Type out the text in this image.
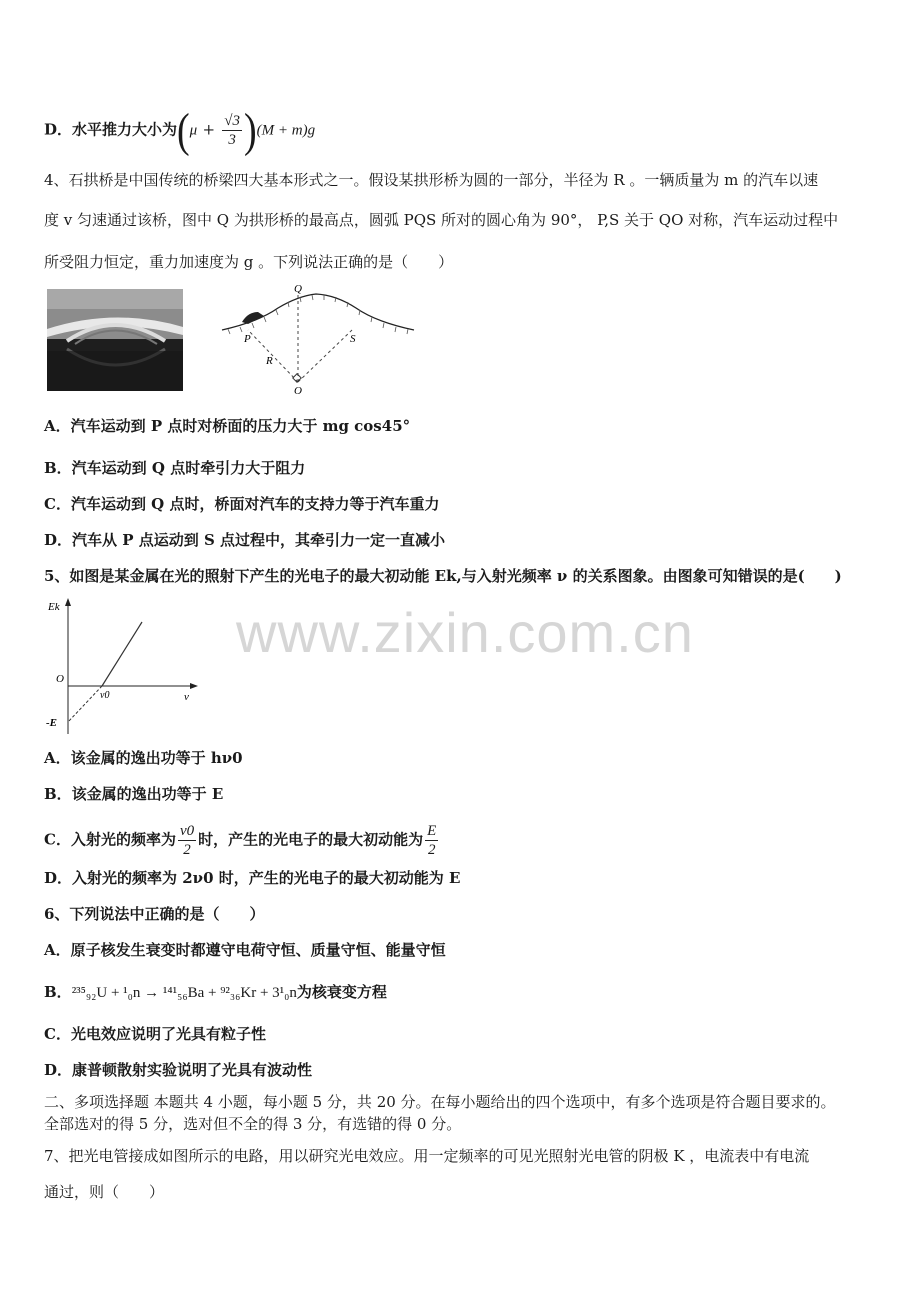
D．水平推力大小为$(\mu + \frac{√3}{3} )(M + m)g$
4、石拱桥是中国传统的桥梁四大基本形式之一。假设某拱形桥为圆的一部分，半径为 R 。一辆质量为 m 的汽车以速
度 v 匀速通过该桥，图中 Q 为拱形桥的最高点，圆弧 PQS 所对的圆心角为 90°， P,S 关于 QO 对称，汽车运动过程中
所受阻力恒定，重力加速度为 g 。下列说法正确的是（　　）
Q
P	S
R
O
A．汽车运动到 P 点时对桥面的压力大于 mg cos45°
B．汽车运动到 Q 点时牵引力大于阻力
C．汽车运动到 Q 点时，桥面对汽车的支持力等于汽车重力
D．汽车从 P 点运动到 S 点过程中，其牵引力一定一直减小
5、如图是某金属在光的照射下产生的光电子的最大初动能 Ek,与入射光频率 ν 的关系图象。由图象可知错误的是(　　)
Ek
O
ν0	ν
-E
A．该金属的逸出功等于 hν0
B．该金属的逸出功等于 E
C．入射光的频率为 $\frac{\nu 0}{2}$ 时，产生的光电子的最大初动能为 $\frac{E}{2}$
D．入射光的频率为 2ν0 时，产生的光电子的最大初动能为 E
6、下列说法中正确的是（　　）
A．原子核发生衰变时都遵守电荷守恒、质量守恒、能量守恒
B．²³⁵₉₂U + ¹₀n → ¹⁴¹₅₆Ba + ⁹²₃₆Kr + 3¹₀n为核衰变方程
C．光电效应说明了光具有粒子性
D．康普顿散射实验说明了光具有波动性
二、多项选择题 本题共 4 小题，每小题 5 分，共 20 分。在每小题给出的四个选项中，有多个选项是符合题目要求的。
全部选对的得 5 分，选对但不全的得 3 分，有选错的得 0 分。
7、把光电管接成如图所示的电路，用以研究光电效应。用一定频率的可见光照射光电管的阴极 K ，电流表中有电流
通过，则（　　）
www.zixin.com.cn
